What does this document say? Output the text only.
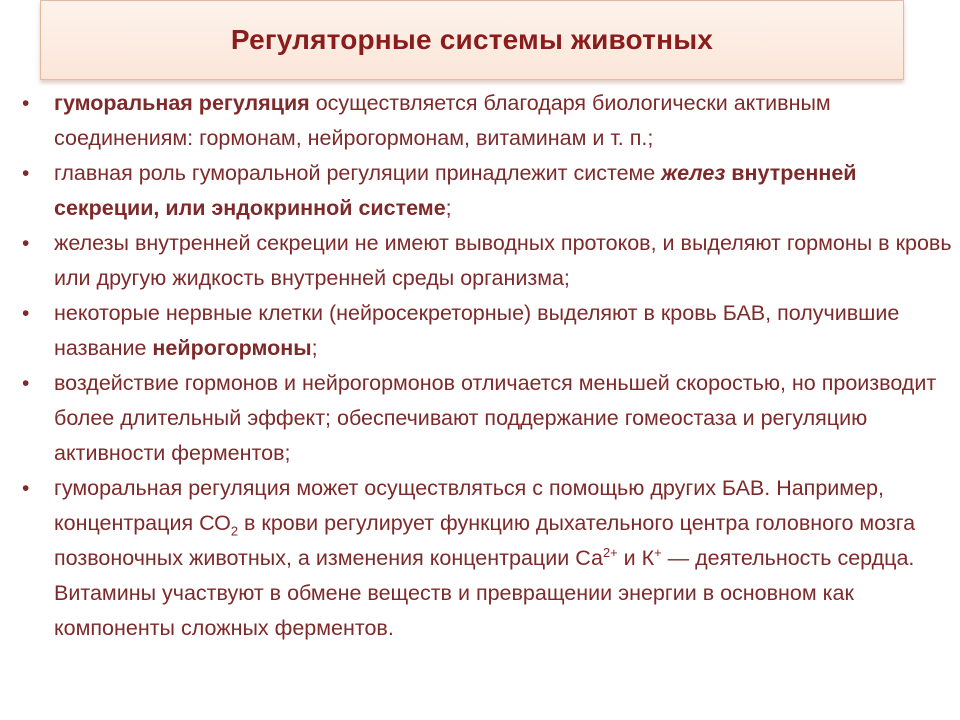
Регуляторные системы животных
• гуморальная регуляция осуществляется благодаря биологически активным соединениям: гормонам, нейрогормонам, витаминам и т. п.;
• главная роль гуморальной регуляции принадлежит системе желез внутренней секреции, или эндокринной системе;
• железы внутренней секреции не имеют выводных протоков, и выделяют гормоны в кровь или другую жидкость внутренней среды организма;
• некоторые нервные клетки (нейросекреторные) выделяют в кровь БАВ, получившие название нейрогормоны;
• воздействие гормонов и нейрогормонов отличается меньшей скоростью, но производит более длительный эффект; обеспечивают поддержание гомеостаза и регуляцию активности ферментов;
• гуморальная регуляция может осуществляться с помощью других БАВ. Например, концентрация $СО_2$ в крови регулирует функцию дыхательного центра головного мозга позвоночных животных, а изменения концентрации $Са^{2+}$ и К+ — деятельность сердца. Витамины участвуют в обмене веществ и превращении энергии в основном как компоненты сложных ферментов.
